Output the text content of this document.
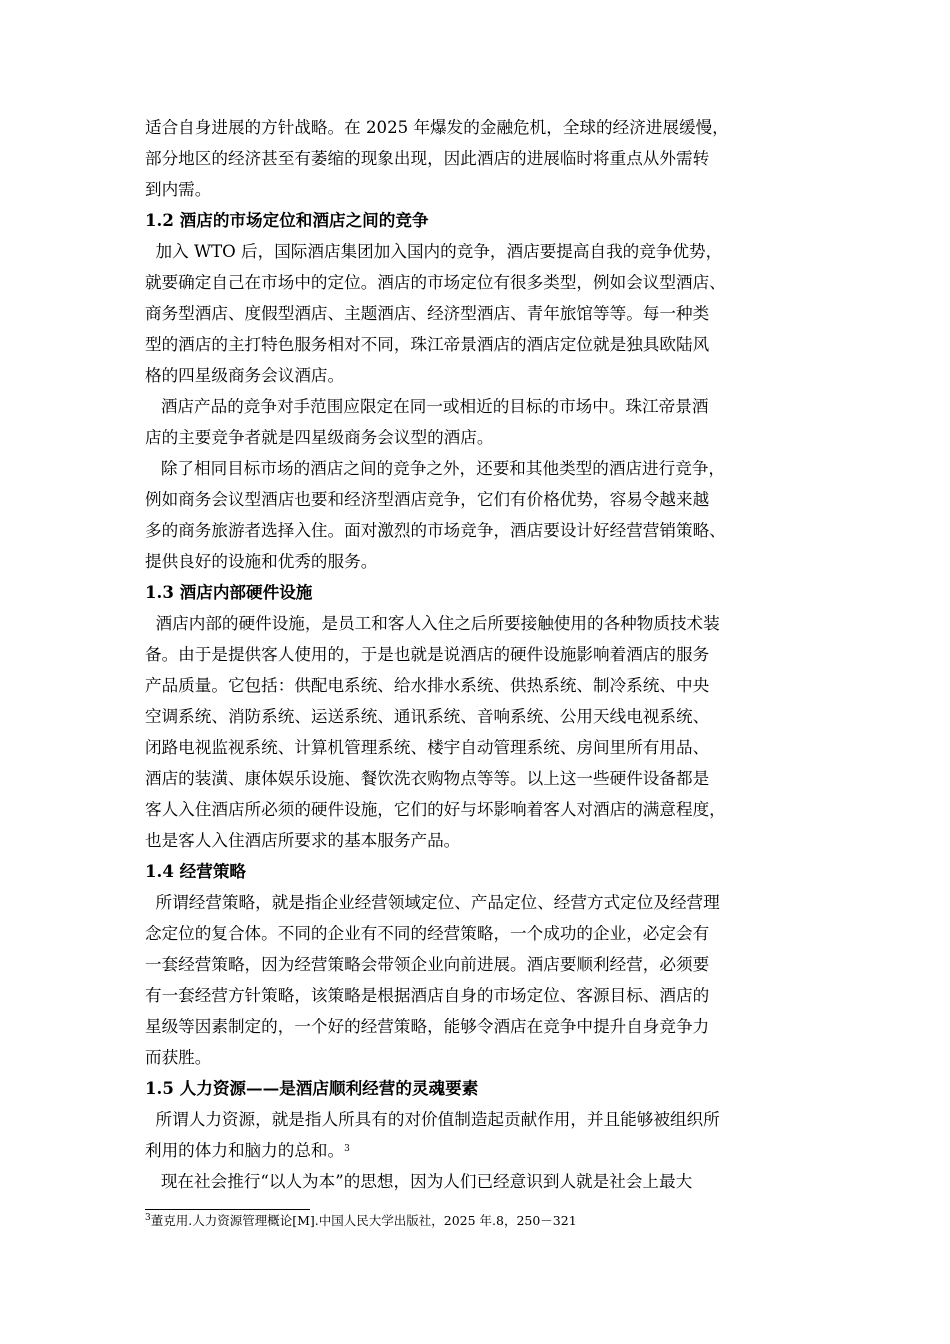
适合自身进展的方针战略。在 2025 年爆发的金融危机，全球的经济进展缓慢，
部分地区的经济甚至有萎缩的现象出现，因此酒店的进展临时将重点从外需转
到内需。
1.2 酒店的市场定位和酒店之间的竞争
加入 WTO 后，国际酒店集团加入国内的竞争，酒店要提高自我的竞争优势，
就要确定自己在市场中的定位。酒店的市场定位有很多类型，例如会议型酒店、
商务型酒店、度假型酒店、主题酒店、经济型酒店、青年旅馆等等。每一种类
型的酒店的主打特色服务相对不同，珠江帝景酒店的酒店定位就是独具欧陆风
格的四星级商务会议酒店。
酒店产品的竞争对手范围应限定在同一或相近的目标的市场中。珠江帝景酒
店的主要竞争者就是四星级商务会议型的酒店。
除了相同目标市场的酒店之间的竞争之外，还要和其他类型的酒店进行竞争，
例如商务会议型酒店也要和经济型酒店竞争，它们有价格优势，容易令越来越
多的商务旅游者选择入住。面对激烈的市场竞争，酒店要设计好经营营销策略、
提供良好的设施和优秀的服务。
1.3 酒店内部硬件设施
酒店内部的硬件设施，是员工和客人入住之后所要接触使用的各种物质技术装
备。由于是提供客人使用的，于是也就是说酒店的硬件设施影响着酒店的服务
产品质量。它包括：供配电系统、给水排水系统、供热系统、制冷系统、中央
空调系统、消防系统、运送系统、通讯系统、音响系统、公用天线电视系统、
闭路电视监视系统、计算机管理系统、楼宇自动管理系统、房间里所有用品、
酒店的装潢、康体娱乐设施、餐饮洗衣购物点等等。以上这一些硬件设备都是
客人入住酒店所必须的硬件设施，它们的好与坏影响着客人对酒店的满意程度，
也是客人入住酒店所要求的基本服务产品。
1.4 经营策略
所谓经营策略，就是指企业经营领域定位、产品定位、经营方式定位及经营理
念定位的复合体。不同的企业有不同的经营策略，一个成功的企业，必定会有
一套经营策略，因为经营策略会带领企业向前进展。酒店要顺利经营，必须要
有一套经营方针策略，该策略是根据酒店自身的市场定位、客源目标、酒店的
星级等因素制定的，一个好的经营策略，能够令酒店在竞争中提升自身竞争力
而获胜。
1.5 人力资源——是酒店顺利经营的灵魂要素
所谓人力资源，就是指人所具有的对价值制造起贡献作用，并且能够被组织所
利用的体力和脑力的总和。$^3$
现在社会推行“以人为本”的思想，因为人们已经意识到人就是社会上最大
$^3$董克用.人力资源管理概论[M].中国人民大学出版社，2025 年.8，250－321
